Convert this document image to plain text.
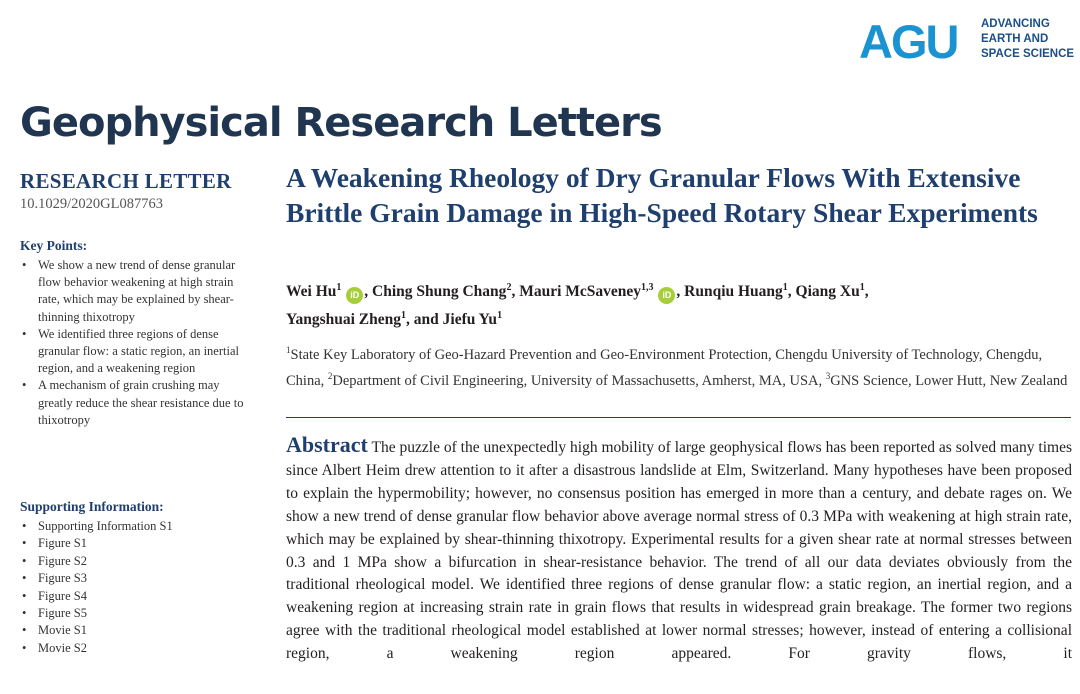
AGU ADVANCING
EARTH AND
SPACE SCIENCE
Geophysical Research Letters
RESEARCH LETTER
10.1029/2020GL087763
Key Points:
• We show a new trend of dense granular flow behavior weakening at high strain rate, which may be explained by shear-thinning thixotropy
• We identified three regions of dense granular flow: a static region, an inertial region, and a weakening region
• A mechanism of grain crushing may greatly reduce the shear resistance due to thixotropy
Supporting Information:
• Supporting Information S1
• Figure S1
• Figure S2
• Figure S3
• Figure S4
• Figure S5
• Movie S1
• Movie S2
A Weakening Rheology of Dry Granular Flows With Extensive Brittle Grain Damage in High-Speed Rotary Shear Experiments
Wei Hu$^1$ iD , Ching Shung Chang$^2$, Mauri McSaveney$^{1,3}$ iD , Runqiu Huang$^1$, Qiang Xu$^1$,
Yangshuai Zheng$^1$, and Jiefu Yu$^1$
$^1$State Key Laboratory of Geo-Hazard Prevention and Geo-Environment Protection, Chengdu University of Technology, Chengdu, China, $^2$Department of Civil Engineering, University of Massachusetts, Amherst, MA, USA, $^3$GNS Science, Lower Hutt, New Zealand
Abstract The puzzle of the unexpectedly high mobility of large geophysical flows has been reported as solved many times since Albert Heim drew attention to it after a disastrous landslide at Elm, Switzerland. Many hypotheses have been proposed to explain the hypermobility; however, no consensus position has emerged in more than a century, and debate rages on. We show a new trend of dense granular flow behavior above average normal stress of 0.3 MPa with weakening at high strain rate, which may be explained by shear-thinning thixotropy. Experimental results for a given shear rate at normal stresses between 0.3 and 1 MPa show a bifurcation in shear-resistance behavior. The trend of all our data deviates obviously from the traditional rheological model. We identified three regions of dense granular flow: a static region, an inertial region, and a weakening region at increasing strain rate in grain flows that results in widespread grain breakage. The former two regions agree with the traditional rheological model established at lower normal stresses; however, instead of entering a collisional region, a weakening region appeared. For gravity flows, it
